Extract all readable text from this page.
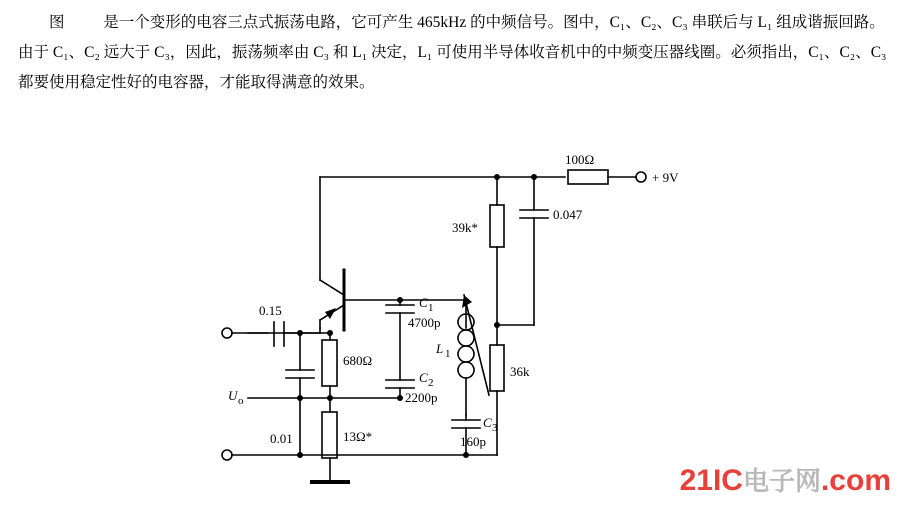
图          是一个变形的电容三点式振荡电路，它可产生 465kHz 的中频信号。图中，C₁、C₂、C₃ 串联后与 L₁ 组成谐振回路。由于 C₁、C₂ 远大于 C₃，因此，振荡频率由 C₃ 和 L₁ 决定，L₁ 可使用半导体收音机中的中频变压器线圈。必须指出，C₁、C₂、C₃ 都要使用稳定性好的电容器，才能取得满意的效果。

100Ω
+ 9V
0.047
39k*
36k
C 1
4700p
C 2
2200p
C 3
160p
L 1
680Ω
13Ω*
0.15
0.01
U o
21IC电子网.com
